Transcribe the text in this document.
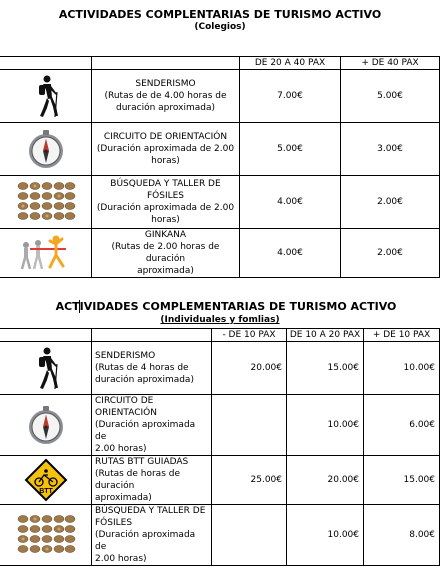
ACTIVIDADES COMPLENTARIAS DE TURISMO ACTIVO
(Colegios)
		DE 20 A 40 PAX	+ DE 40 PAX

SENDERISMO
(Rutas de de 4.00 horas de
duración aproximada)	7.00€	5.00€

CIRCUITO DE ORIENTACIÓN
(Duración aproximada de 2.00
horas)	5.00€	3.00€

BÚSQUEDA Y TALLER DE
FÓSILES
(Duración aproximada de 2.00
horas)	4.00€	2.00€

GINKANA
(Rutas de 2.00 horas de duración
aproximada)	4.00€	2.00€
ACTIVIDADES COMPLEMENTARIAS DE TURISMO ACTIVO
(Individuales y fomlias)
		- DE 10 PAX	DE 10 A 20 PAX	+ DE 10 PAX

SENDERISMO
(Rutas de 4 horas de
duración aproximada)	20.00€	15.00€	10.00€

CIRCUITO DE
ORIENTACIÓN
(Duración aproximada de
2.00 horas)		10.00€	6.00€

BTT	RUTAS BTT GUIADAS
(Rutas de horas de duración
aproximada)	25.00€	20.00€	15.00€

BÚSQUEDA Y TALLER DE
FÓSILES
(Duración aproximada de
2.00 horas)		10.00€	8.00€
